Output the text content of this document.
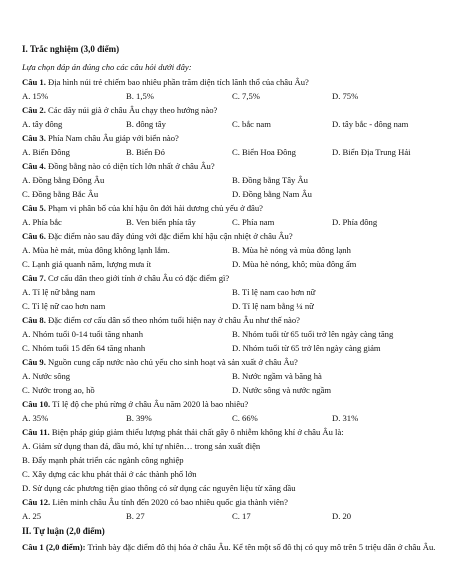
I. Trắc nghiệm (3,0 điểm)
Lựa chọn đáp án đúng cho các câu hỏi dưới đây:
Câu 1. Địa hình núi trẻ chiếm bao nhiêu phần trăm diện tích lãnh thổ của châu Âu?
A. 15%	B. 1,5%	C. 7,5%	D. 75%
Câu 2. Các dãy núi già ở châu Âu chạy theo hướng nào?
A. tây đông	B. đông tây	C. bắc nam	D. tây bắc - đông nam
Câu 3. Phía Nam châu Âu giáp với biển nào?
A. Biển Đông	B. Biển Đỏ	C. Biển Hoa Đông	D. Biển Địa Trung Hải
Câu 4. Đồng bằng nào có diện tích lớn nhất ở châu Âu?
A. Đồng bằng Đông Âu	B. Đồng bằng Tây Âu
C. Đồng bằng Bắc Âu	D. Đồng bằng Nam Âu
Câu 5. Phạm vi phân bố của khí hậu ôn đới hải dương chủ yếu ở đâu?
A. Phía bắc	B. Ven biển phía tây	C. Phía nam	D. Phía đông
Câu 6. Đặc điểm nào sau đây đúng với đặc điểm khí hậu cận nhiệt ở châu Âu?
A. Mùa hè mát, mùa đông không lạnh lắm.	B. Mùa hè nóng và mùa đông lạnh
C. Lạnh giá quanh năm, lượng mưa ít	D. Mùa hè nóng, khô; mùa đông ấm
Câu 7. Cơ cấu dân theo giới tính ở châu Âu có đặc điểm gì?
A. Tỉ lệ nữ bằng nam	B. Tỉ lệ nam cao hơn nữ
C. Tỉ lệ nữ cao hơn nam	D. Tỉ lệ nam bằng ¼ nữ
Câu 8. Đặc điểm cơ cấu dân số theo nhóm tuổi hiện nay ở châu Âu như thế nào?
A. Nhóm tuổi 0-14 tuổi tăng nhanh	B. Nhóm tuổi từ 65 tuổi trở lên ngày càng tăng
C. Nhóm tuổi 15 đến 64 tăng nhanh	D. Nhóm tuổi từ 65 trở lên ngày càng giảm
Câu 9. Nguồn cung cấp nước nào chủ yếu cho sinh hoạt và sản xuất ở châu Âu?
A. Nước sông	B. Nước ngầm và băng hà
C. Nước trong ao, hồ	D. Nước sông và nước ngầm
Câu 10. Tỉ lệ độ che phủ rừng ở châu Âu năm 2020 là bao nhiêu?
A. 35%	B. 39%	C. 66%	D. 31%
Câu 11. Biện pháp giúp giảm thiểu lượng phát thải chất gây ô nhiễm không khí ở châu Âu là:
A. Giảm sử dụng than đá, dầu mỏ, khí tự nhiên… trong sản xuất điện
B. Đẩy mạnh phát triển các ngành công nghiệp
C. Xây dựng các khu phát thải ở các thành phố lớn
D. Sử dụng các phương tiện giao thông có sử dụng các nguyên liệu từ xăng dầu
Câu 12. Liên minh châu Âu tính đến 2020 có bao nhiêu quốc gia thành viên?
A. 25	B. 27	C. 17	D. 20
II. Tự luận (2,0 điểm)
Câu 1 (2,0 điểm): Trình bày đặc điểm đô thị hóa ở châu Âu. Kể tên một số đô thị có quy mô trên 5 triệu dân ở châu Âu.
